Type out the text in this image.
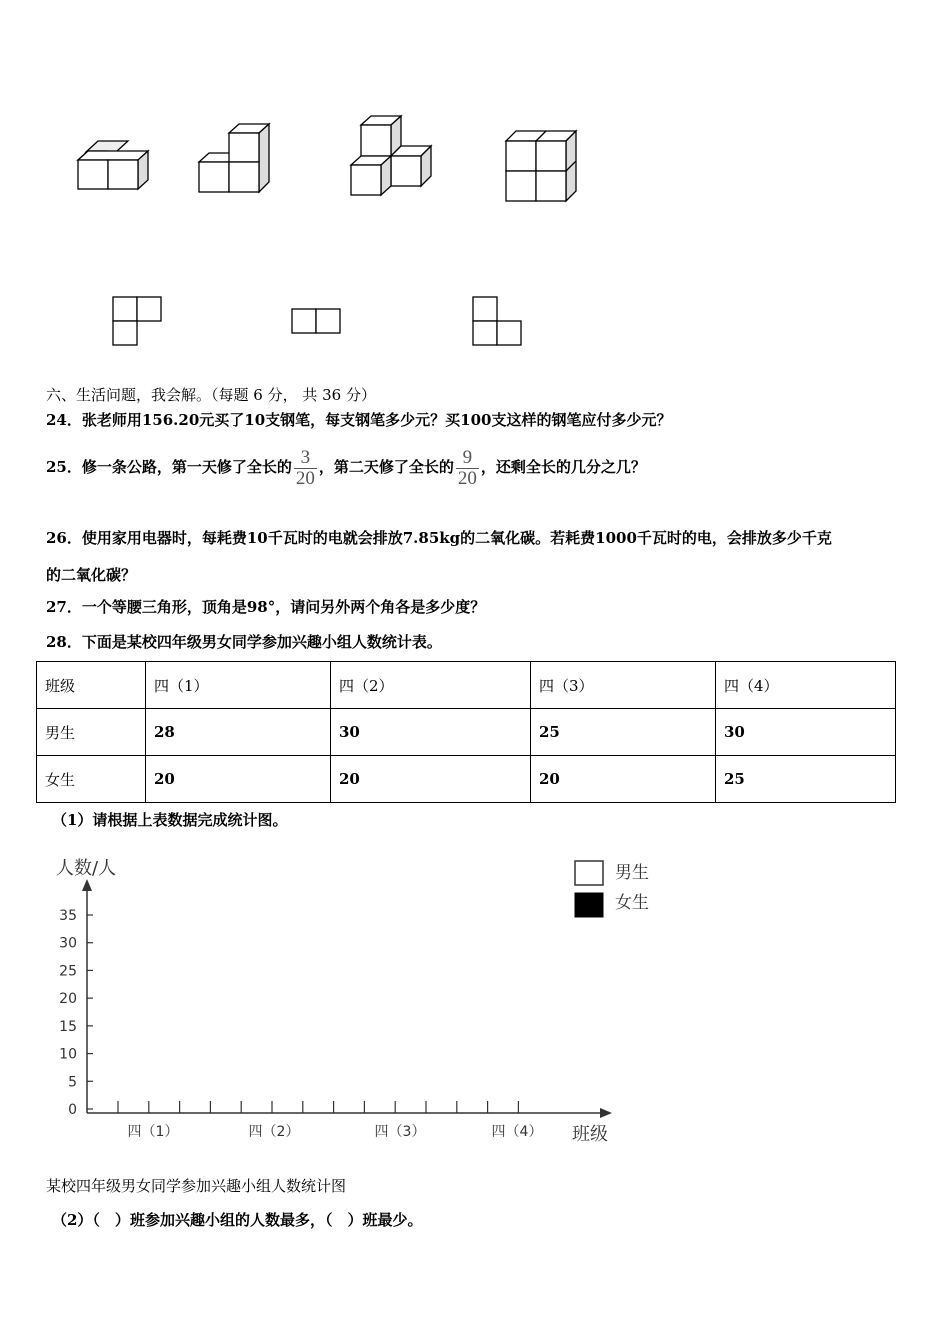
六、生活问题，我会解。（每题 6 分， 共 36 分）
24．张老师用156.20元买了10支钢笔，每支钢笔多少元？买100支这样的钢笔应付多少元？
25．修一条公路，第一天修了全长的 $\frac{3}{20}$ ，第二天修了全长的 $\frac{9}{20}$ ，还剩全长的几分之几？
26．使用家用电器时，每耗费10千瓦时的电就会排放7.85kg的二氧化碳。若耗费1000千瓦时的电，会排放多少千克
的二氧化碳？
27．一个等腰三角形，顶角是98°，请问另外两个角各是多少度？
28．下面是某校四年级男女同学参加兴趣小组人数统计表。
班级	四（1）	四（2）	四（3）	四（4）
男生	28	30	25	30
女生	20	20	20	25
（1）请根据上表数据完成统计图。
人数/人
班级
0
5
10
15
20
25
30
35
四（1）	四（2）	四（3）	四（4）
男生
女生
某校四年级男女同学参加兴趣小组人数统计图
（2）（　）班参加兴趣小组的人数最多，（　）班最少。
